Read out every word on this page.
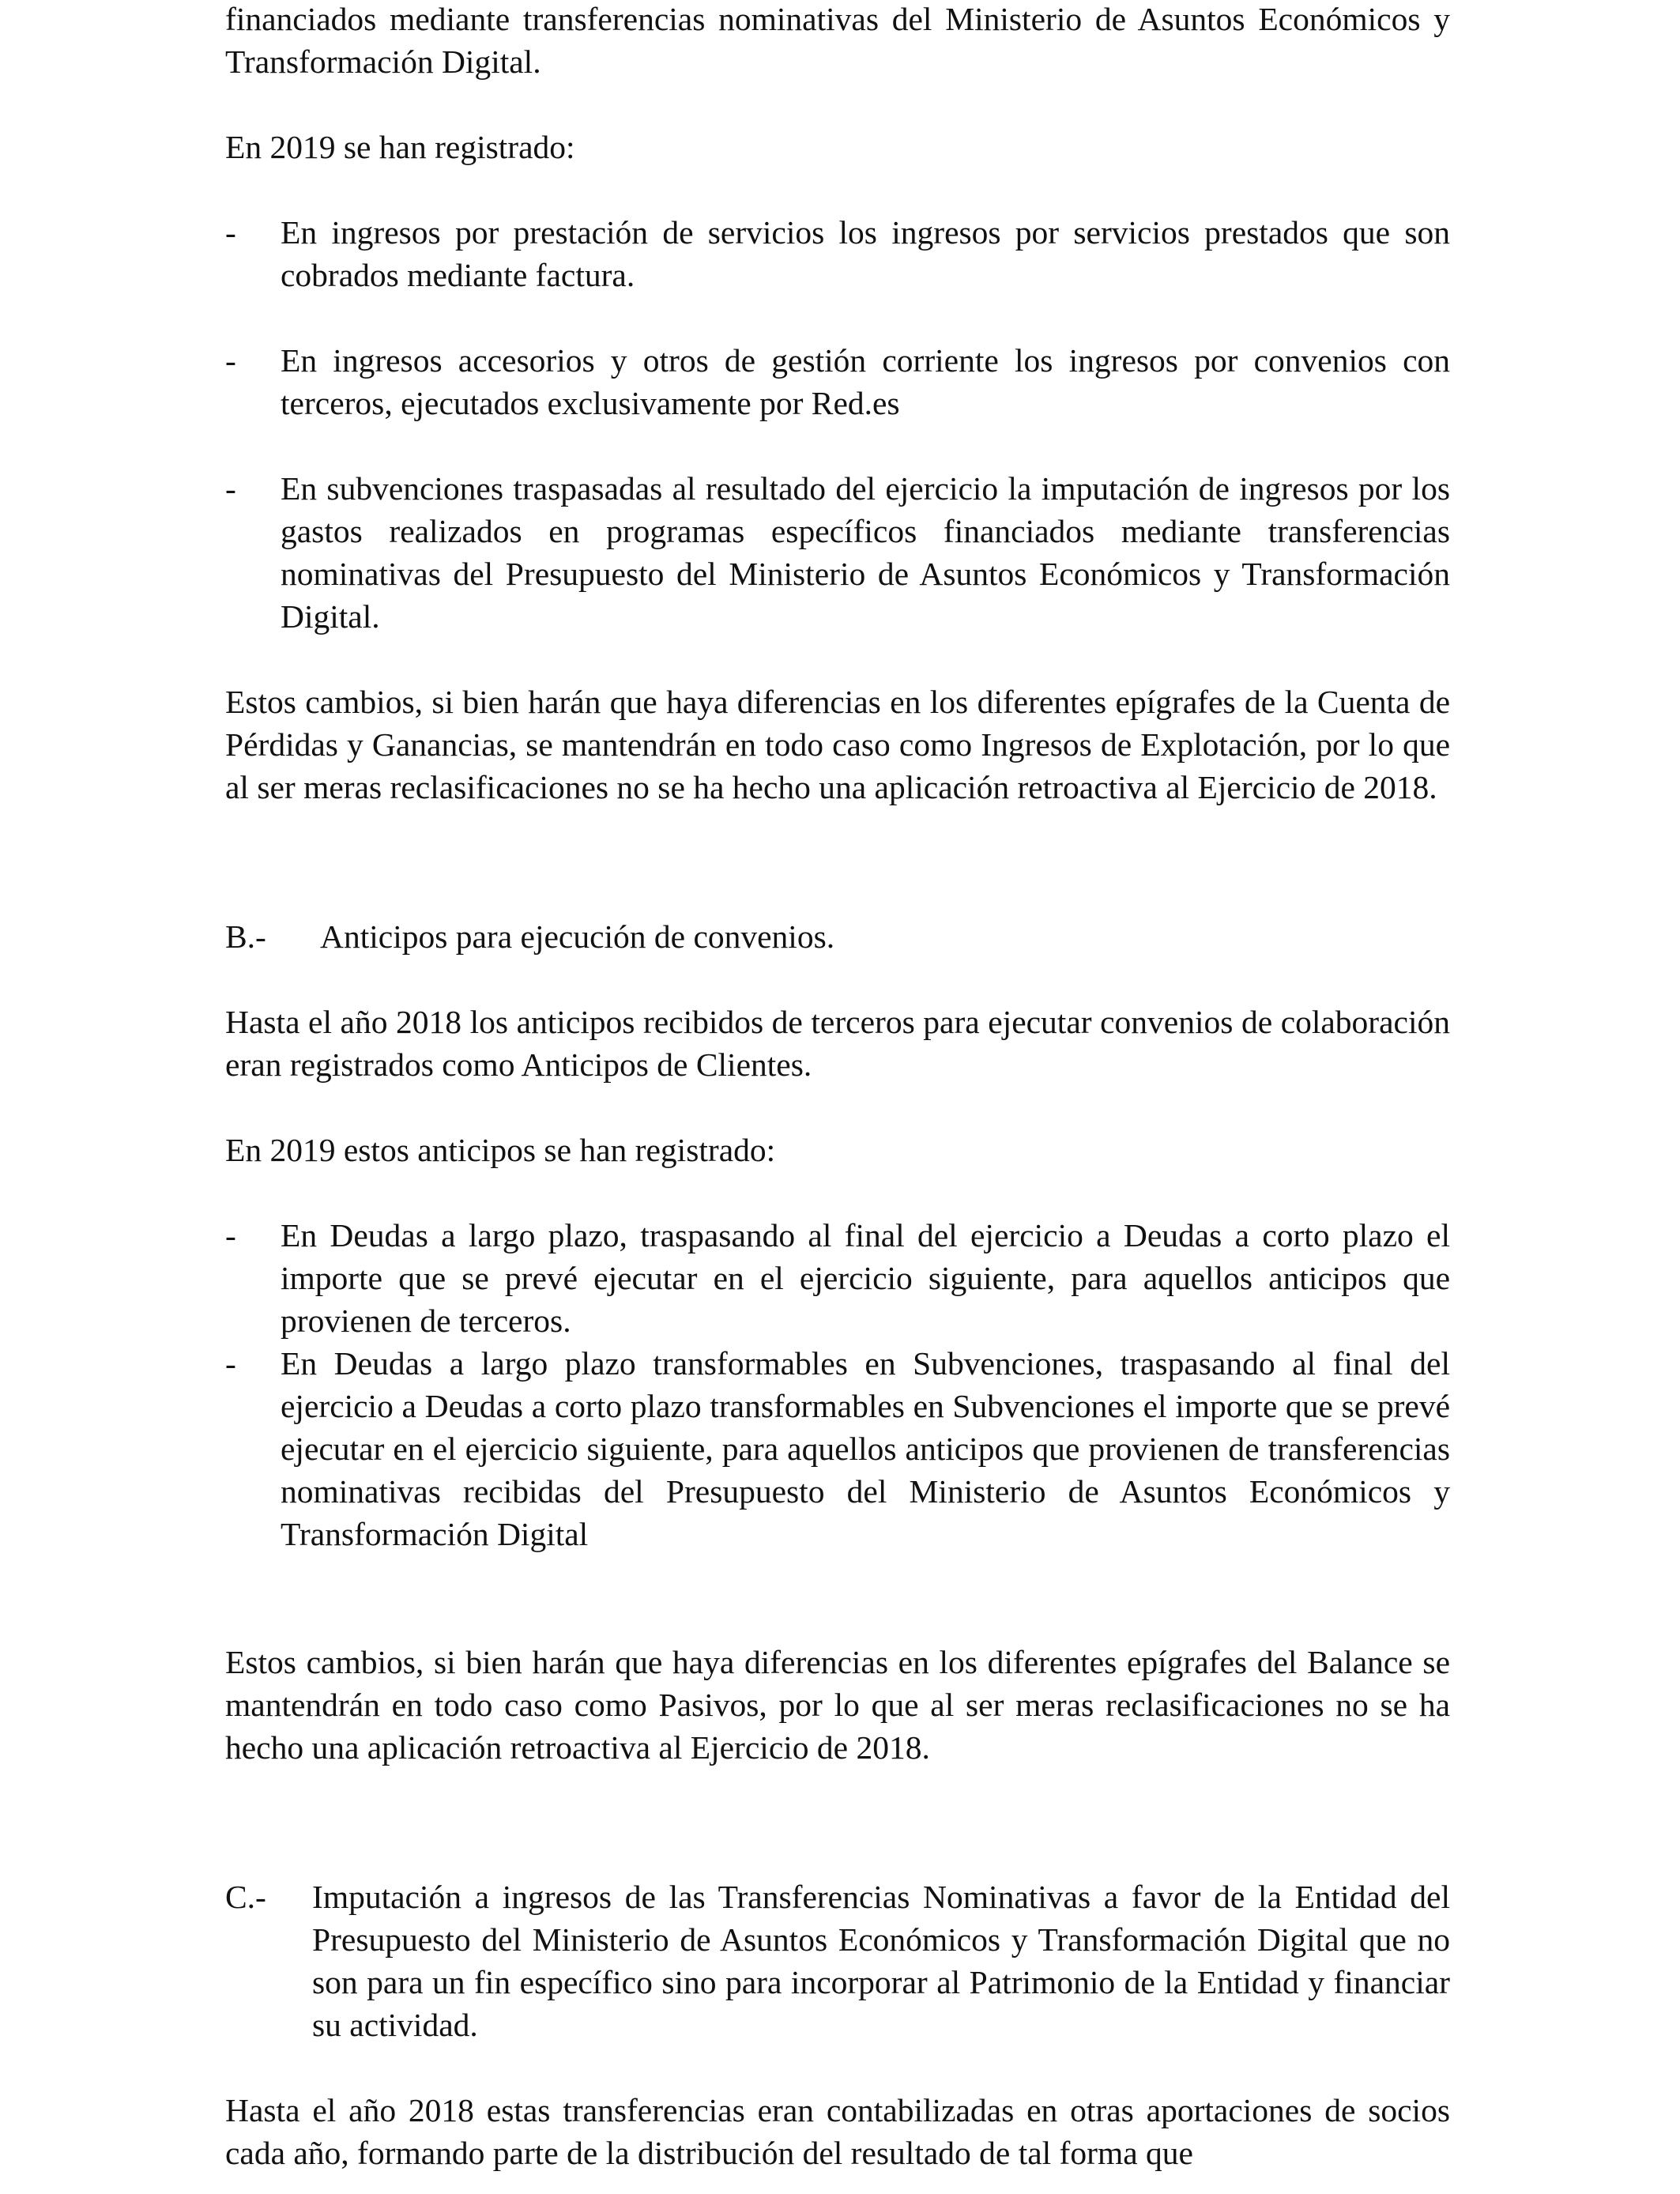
financiados mediante transferencias nominativas del Ministerio de Asuntos Económicos y Transformación Digital.

En 2019 se han registrado:

- En ingresos por prestación de servicios los ingresos por servicios prestados que son cobrados mediante factura.
- En ingresos accesorios y otros de gestión corriente los ingresos por convenios con terceros, ejecutados exclusivamente por Red.es
- En subvenciones traspasadas al resultado del ejercicio la imputación de ingresos por los gastos realizados en programas específicos financiados mediante transferencias nominativas del Presupuesto del Ministerio de Asuntos Económicos y Transformación Digital.

Estos cambios, si bien harán que haya diferencias en los diferentes epígrafes de la Cuenta de Pérdidas y Ganancias, se mantendrán en todo caso como Ingresos de Explotación, por lo que al ser meras reclasificaciones no se ha hecho una aplicación retroactiva al Ejercicio de 2018.

B.- Anticipos para ejecución de convenios.

Hasta el año 2018 los anticipos recibidos de terceros para ejecutar convenios de colaboración eran registrados como Anticipos de Clientes.

En 2019 estos anticipos se han registrado:

- En Deudas a largo plazo, traspasando al final del ejercicio a Deudas a corto plazo el importe que se prevé ejecutar en el ejercicio siguiente, para aquellos anticipos que provienen de terceros.
- En Deudas a largo plazo transformables en Subvenciones, traspasando al final del ejercicio a Deudas a corto plazo transformables en Subvenciones el importe que se prevé ejecutar en el ejercicio siguiente, para aquellos anticipos que provienen de transferencias nominativas recibidas del Presupuesto del Ministerio de Asuntos Económicos y Transformación Digital

Estos cambios, si bien harán que haya diferencias en los diferentes epígrafes del Balance se mantendrán en todo caso como Pasivos, por lo que al ser meras reclasificaciones no se ha hecho una aplicación retroactiva al Ejercicio de 2018.

C.- Imputación a ingresos de las Transferencias Nominativas a favor de la Entidad del Presupuesto del Ministerio de Asuntos Económicos y Transformación Digital que no son para un fin específico sino para incorporar al Patrimonio de la Entidad y financiar su actividad.

Hasta el año 2018 estas transferencias eran contabilizadas en otras aportaciones de socios cada año, formando parte de la distribución del resultado de tal forma que
